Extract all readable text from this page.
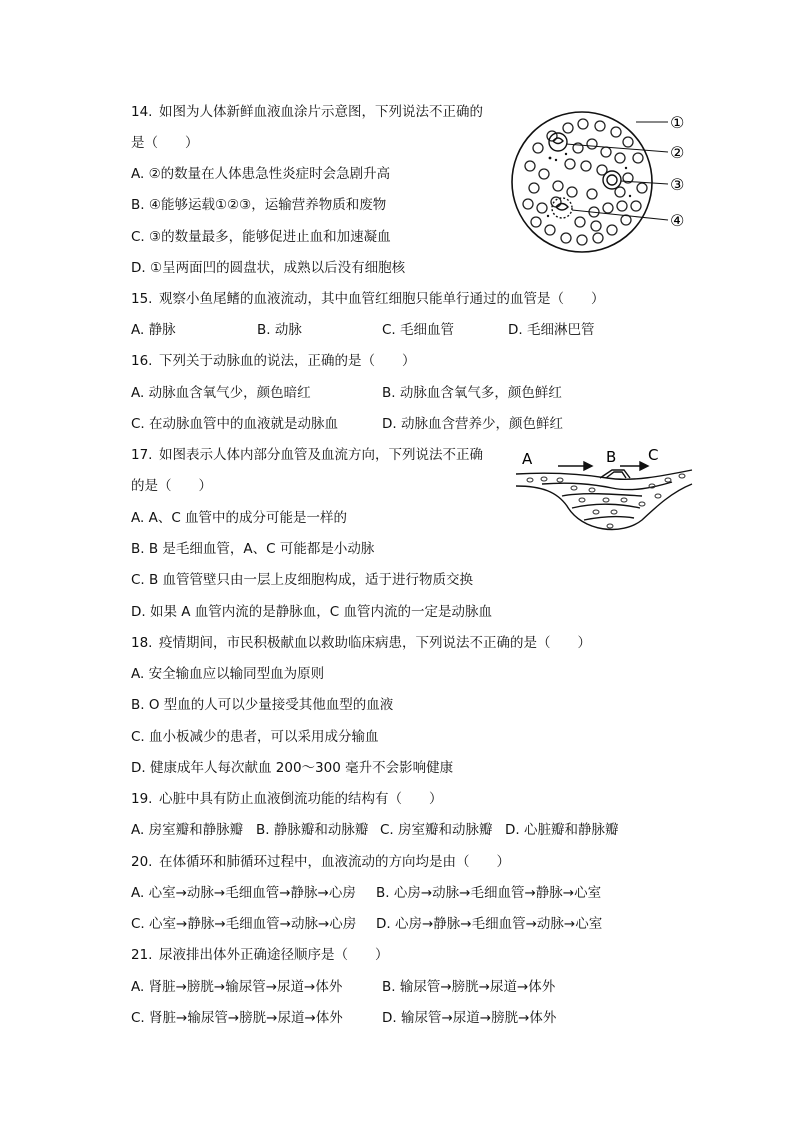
14. 如图为人体新鲜血液血涂片示意图，下列说法不正确的
是（　　）
A. ②的数量在人体患急性炎症时会急剧升高
B. ④能够运载①②③，运输营养物质和废物
C. ③的数量最多，能够促进止血和加速凝血
D. ①呈两面凹的圆盘状，成熟以后没有细胞核
①
②
③
④
15. 观察小鱼尾鳍的血液流动，其中血管红细胞只能单行通过的血管是（　　）
A. 静脉	B. 动脉	C. 毛细血管	D. 毛细淋巴管
16. 下列关于动脉血的说法，正确的是（　　）
A. 动脉血含氧气少，颜色暗红	B. 动脉血含氧气多，颜色鲜红
C. 在动脉血管中的血液就是动脉血	D. 动脉血含营养少，颜色鲜红
17. 如图表示人体内部分血管及血流方向，下列说法不正确
的是（　　）
A. A、C 血管中的成分可能是一样的
B. B 是毛细血管，A、C 可能都是小动脉
C. B 血管管壁只由一层上皮细胞构成，适于进行物质交换
D. 如果 A 血管内流的是静脉血，C 血管内流的一定是动脉血
A	B C
18. 疫情期间，市民积极献血以救助临床病患，下列说法不正确的是（　　）
A. 安全输血应以输同型血为原则
B. O 型血的人可以少量接受其他血型的血液
C. 血小板减少的患者，可以采用成分输血
D. 健康成年人每次献血 200～300 毫升不会影响健康
19. 心脏中具有防止血液倒流功能的结构有（　　）
A. 房室瓣和静脉瓣 B. 静脉瓣和动脉瓣 C. 房室瓣和动脉瓣 D. 心脏瓣和静脉瓣
20. 在体循环和肺循环过程中，血液流动的方向均是由（　　）
A. 心室→动脉→毛细血管→静脉→心房 B. 心房→动脉→毛细血管→静脉→心室
C. 心室→静脉→毛细血管→动脉→心房 D. 心房→静脉→毛细血管→动脉→心室
21. 尿液排出体外正确途径顺序是（　　）
A. 肾脏→膀胱→输尿管→尿道→体外	B. 输尿管→膀胱→尿道→体外
C. 肾脏→输尿管→膀胱→尿道→体外	D. 输尿管→尿道→膀胱→体外
